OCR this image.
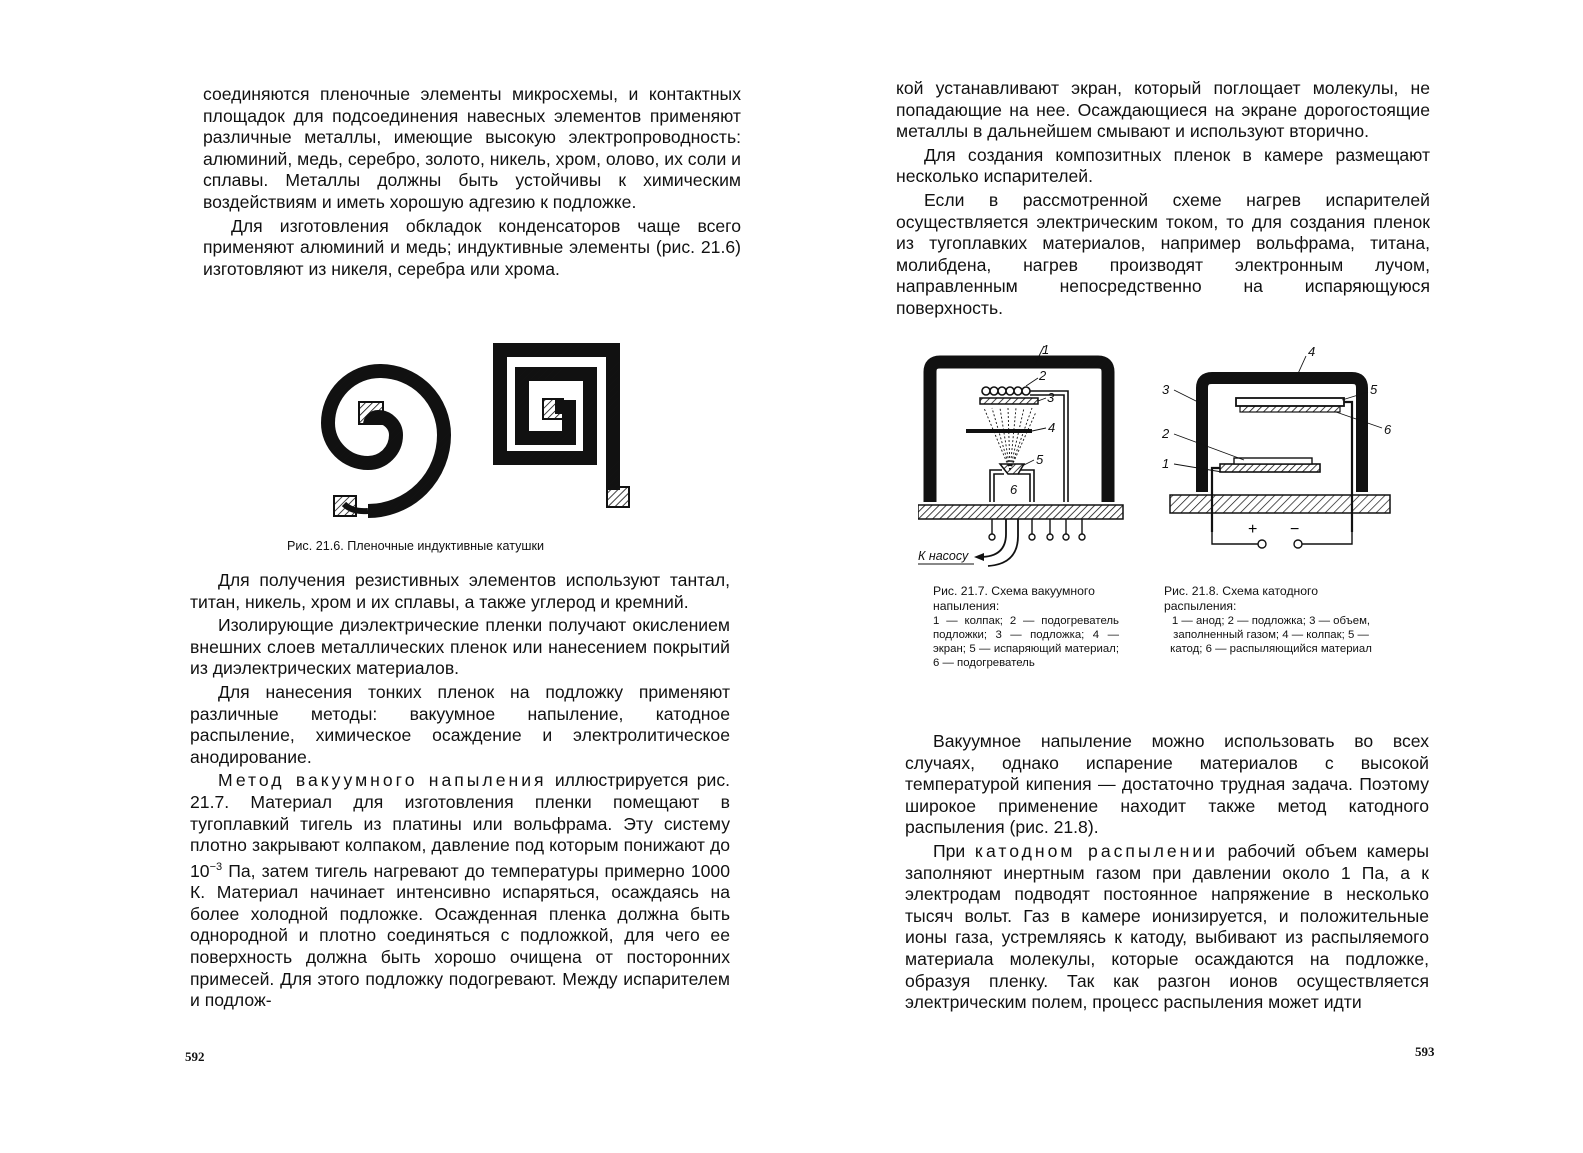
соединяются пленочные элементы микросхемы, и контактных площадок для подсоединения навесных элементов применяют различные металлы, имеющие высокую электропроводность: алюминий, медь, серебро, золото, никель, хром, олово, их соли и сплавы. Металлы должны быть устойчивы к химическим воздействиям и иметь хорошую адгезию к подложке.

Для изготовления обкладок конденсаторов чаще всего применяют алюминий и медь; индуктивные элементы (рис. 21.6) изготовляют из никеля, серебра или хрома.

Рис. 21.6. Пленочные индуктивные катушки

Для получения резистивных элементов используют тантал, титан, никель, хром и их сплавы, а также углерод и кремний.

Изолирующие диэлектрические пленки получают окислением внешних слоев металлических пленок или нанесением покрытий из диэлектрических материалов.

Для нанесения тонких пленок на подложку применяют различные методы: вакуумное напыление, катодное распыление, химическое осаждение и электролитическое анодирование.

Метод вакуумного напыления иллюстрируется рис. 21.7. Материал для изготовления пленки помещают в тугоплавкий тигель из платины или вольфрама. Эту систему плотно закрывают колпаком, давление под которым понижают до $10^{-3}$ Па, затем тигель нагревают до температуры примерно 1000 К. Материал начинает интенсивно испаряться, осаждаясь на более холодной подложке. Осажденная пленка должна быть однородной и плотно соединяться с подложкой, для чего ее поверхность должна быть хорошо очищена от посторонних примесей. Для этого подложку подогревают. Между испарителем и подлож-

592

кой устанавливают экран, который поглощает молекулы, не попадающие на нее. Осаждающиеся на экране дорогостоящие металлы в дальнейшем смывают и используют вторично.

Для создания композитных пленок в камере размещают несколько испарителей.

Если в рассмотренной схеме нагрев испарителей осуществляется электрическим током, то для создания пленок из тугоплавких материалов, например вольфрама, титана, молибдена, нагрев производят электронным лучом, направленным непосредственно на испаряющуюся поверхность.

1
2
3
4
5
6
К насосу
Рис. 21.7. Схема вакуумного напыления:
1 — колпак; 2 — подогреватель подложки; 3 — подложка; 4 — экран; 5 — испаряющий материал; 6 — подогреватель
+ −
4
3	5
6
2
1
Рис. 21.8. Схема катодного распыления:
1 — анод; 2 — подложка; 3 — объем, заполненный газом; 4 — колпак; 5 — катод; 6 — распыляющийся материал

Вакуумное напыление можно использовать во всех случаях, однако испарение материалов с высокой температурой кипения — достаточно трудная задача. Поэтому широкое применение находит также метод катодного распыления (рис. 21.8).

При катодном распылении рабочий объем камеры заполняют инертным газом при давлении около 1 Па, а к электродам подводят постоянное напряжение в несколько тысяч вольт. Газ в камере ионизируется, и положительные ионы газа, устремляясь к катоду, выбивают из распыляемого материала молекулы, которые осаждаются на подложке, образуя пленку. Так как разгон ионов осуществляется электрическим полем, процесс распыления может идти

593
